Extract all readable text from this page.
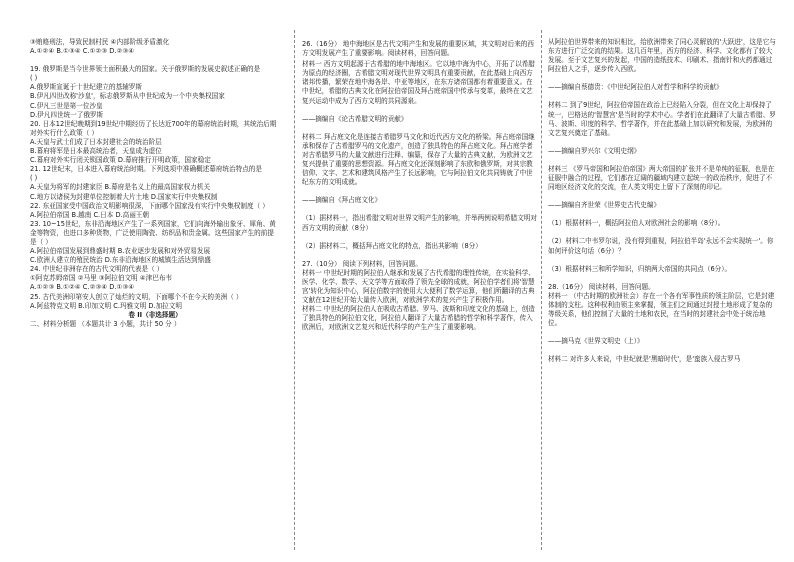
③贿赂刑法，导致民制村民 ④内部阶级矛盾激化
A.①②④ B.①③④ C.①②③ D.②③④
19. 俄罗斯是当今世界领土面积最大的国家。关于俄罗斯的发展史叙述正确的是
( )
A.俄罗斯宣诞于十世纪建立的基辅罗斯
B.伊凡四世改称'沙皇'，标志俄罗斯从中世纪成为一个中央集权国家
C.伊凡三世是第一位沙皇
D.伊凡四世统一了俄罗斯
20. 日本12世纪晚期到19世纪中期经历了长达近700年的幕府统治时期，其统治后期对外实行什么政策（ ）
A.天皇与武士们成了日本封建社会的统治阶层
B.幕府将军是日本最高统治者，天皇成为虚位
C.幕府对外实行闭关锁国政策 D.幕府推行开明政策，国家稳定
21. 12世纪末，日本进入幕府统治时期。下列选项中准确概述幕府统治特点的是
( )
A.天皇为将军的封建家臣 B.幕府是名义上的最高国家权力机关
C.地方以诸侯为封建单位控制着大片土地 D.国家实行中央集权制
22. 东亚国家受中国政治文明影响很深，下面哪个国家没有实行中央集权制度（ ）
A.阿拉伯帝国 B.越南 C.日本 D.高丽王朝
23. 10~15世纪，东非沿海地区产生了一系列国家，它们向海外输出象牙、犀角、黄金等物资，也进口多种货物，广泛使用陶瓷、纺织品和贵金属。这些国家产生的前提是（ ）
A.阿拉伯帝国发展到鼎盛时期 B.农业逐步发展和对外贸易发展
C.欧洲人建立的殖民统治 D.东非沿海地区的城镇生活达到鼎盛
24. 中世纪非洲存在的古代文明的代表是（ ）
①阿克苏姆帝国 ②马里 ③阿拉伯文明 ④津巴布韦
A.①②③ B.①②④ C.②③④ D.①③④
25. 古代美洲印第安人创立了灿烂的文明，下面哪个不在今天的美洲（ ）
A.阿兹特克文明 B.印加文明 C.玛雅文明 D.加拉文明
卷 II（非选择题）
二、材料分析题 （本题共计 3 小题，共计 50 分 ）
26.（16分） 地中海地区是古代文明产生和发展的重要区域，其文明对后来的西方文明发展产生了重要影响。阅读材料，回答问题。
材料一 西方文明起源于古希腊的地中海地区。它以地中海为中心，开拓了以希腊为原点的经济圈，古希腊文明对现代世界文明具有重要贡献，在此基础上向西方诸邦传播，繁荣在地中海各岸、中亚等地区，在东方诸帝国都有着重要意义。在中世纪，希腊的古典文化在阿拉伯帝国及拜占庭帝国中传承与变革，最终在文艺复兴运动中成为了西方文明的共同源泉。
——摘编自《论古希腊文明的贡献》
材料二 拜占庭文化是连接古希腊罗马文化和近代西方文化的桥梁。拜占庭帝国继承和保存了古希腊罗马的文化遗产，创造了独具特色的拜占庭文化。拜占庭学者对古希腊罗马的大量文献进行注释、编纂，保存了大量的古典文献，为欧洲文艺复兴提供了重要的思想资源。拜占庭文化还深刻影响了东欧和俄罗斯，对其宗教信仰、文字、艺术和建筑风格产生了长远影响，它与阿拉伯文化共同铸就了中世纪东方的文明成就。
——摘编自《拜占庭文化》
（1）据材料一，指出希腊文明对世界文明产生的影响，并举两例说明希腊文明对西方文明的贡献（8分）
（2）据材料二，概括拜占庭文化的特点，指出其影响（8分）
27.（10分） 阅读下列材料，回答问题。
材料一 中世纪时期的阿拉伯人继承和发展了古代希腊的理性传统，在实验科学、医学、化学、数学、天文学等方面取得了领先全球的成就，阿拉伯学者们将'智慧宫'转化为知识中心，阿拉伯数字的使用大大便利了数学运算，他们所翻译的古典文献在12世纪开始大量传入欧洲，对欧洲学术的复兴产生了积极作用。
材料二 中世纪的阿拉伯人在吸收古希腊、罗马、波斯和印度文化的基础上，创造了独具特色的阿拉伯文化，阿拉伯人翻译了大量古希腊的哲学和科学著作，传入欧洲后，对欧洲文艺复兴和近代科学的产生产生了重要影响。
从阿拉伯世界带来的知识相比，给欧洲带来了同心灵解放的'大跃进'，这是它与东方进行广泛交流的结果。这几百年里，西方的经济、科学、文化都有了较大发展。至于文艺复兴的发起，中国的造纸技术、印刷术、指南针和火药都通过阿拉伯人之手，逐步传入西欧。
——摘编自蔡德贵：《中世纪阿拉伯人对哲学和科学的贡献》
材料二 到了9世纪，阿拉伯帝国在政治上已经陷入分裂，但在文化上却保持了统一，巴格达的'智慧宫'是当时的学术中心。学者们在此翻译了大量古希腊、罗马、波斯、印度的科学、哲学著作，并在此基础上加以研究和发展，为欧洲的文艺复兴奠定了基础。
——摘编自罗兴尔《文明史纲》
材料三 《罗马帝国和阿拉伯帝国》两大帝国的扩张并不是单纯的征服，也是在征服中融合的过程，它们都在辽阔的疆域内建立起统一的政治秩序，促进了不同地区经济文化的交流，在人类文明史上留下了深刻的印记。
——摘编自齐世荣《世界史古代史编》
（1）根据材料一，概括阿拉伯人对欧洲社会的影响（8分）。
（2）材料二中韦罗尔说，没有得到重视，阿拉伯半岛'永远不会实现统一'。你如何评价这句话（6分）？
（3）根据材料三和所学知识，归纳两大帝国的共同点（6分）。
28.（16分） 阅读材料，回答问题。
材料一 （中古时期的欧洲社会）存在一个各有军事性质的领主阶层，它是封建体制的支柱。这种权利由领主来掌握，领主们之间通过封授土地形成了复杂的等级关系，他们控制了大量的土地和农民，在当时的封建社会中处于统治地位。
——摘马克《世界文明史（上）》
材料二 对许多人来说，中世纪就是'黑暗时代'，是'蛮族入侵古罗马
